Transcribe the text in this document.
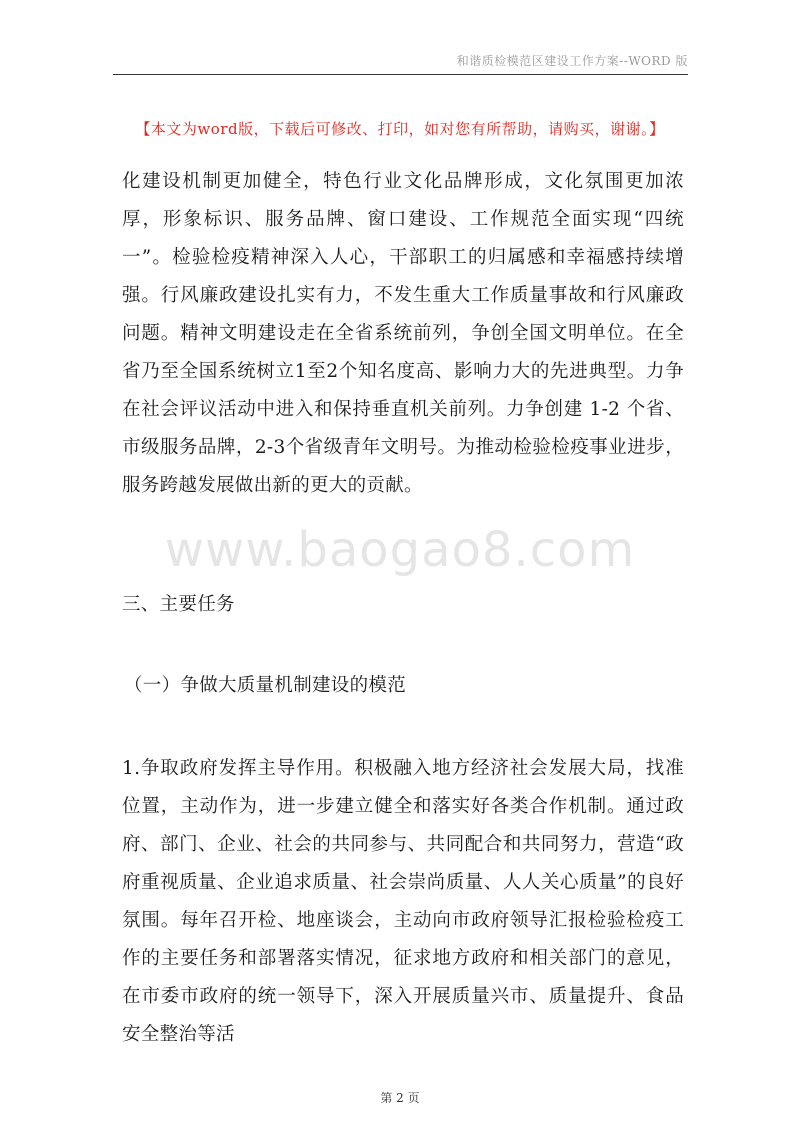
和谐质检模范区建设工作方案--WORD 版
【本文为word版，下载后可修改、打印，如对您有所帮助，请购买，谢谢。】
化建设机制更加健全，特色行业文化品牌形成，文化氛围更加浓厚，形象标识、服务品牌、窗口建设、工作规范全面实现“四统一”。检验检疫精神深入人心，干部职工的归属感和幸福感持续增强。行风廉政建设扎实有力，不发生重大工作质量事故和行风廉政问题。精神文明建设走在全省系统前列，争创全国文明单位。在全省乃至全国系统树立1至2个知名度高、影响力大的先进典型。力争在社会评议活动中进入和保持垂直机关前列。力争创建 1-2 个省、市级服务品牌，2-3个省级青年文明号。为推动检验检疫事业进步，服务跨越发展做出新的更大的贡献。
www.baogao8.com
三、主要任务
（一）争做大质量机制建设的模范
1.争取政府发挥主导作用。积极融入地方经济社会发展大局，找准位置，主动作为，进一步建立健全和落实好各类合作机制。通过政府、部门、企业、社会的共同参与、共同配合和共同努力，营造“政府重视质量、企业追求质量、社会崇尚质量、人人关心质量”的良好氛围。每年召开检、地座谈会，主动向市政府领导汇报检验检疫工作的主要任务和部署落实情况，征求地方政府和相关部门的意见，在市委市政府的统一领导下，深入开展质量兴市、质量提升、食品安全整治等活
第 2 页
